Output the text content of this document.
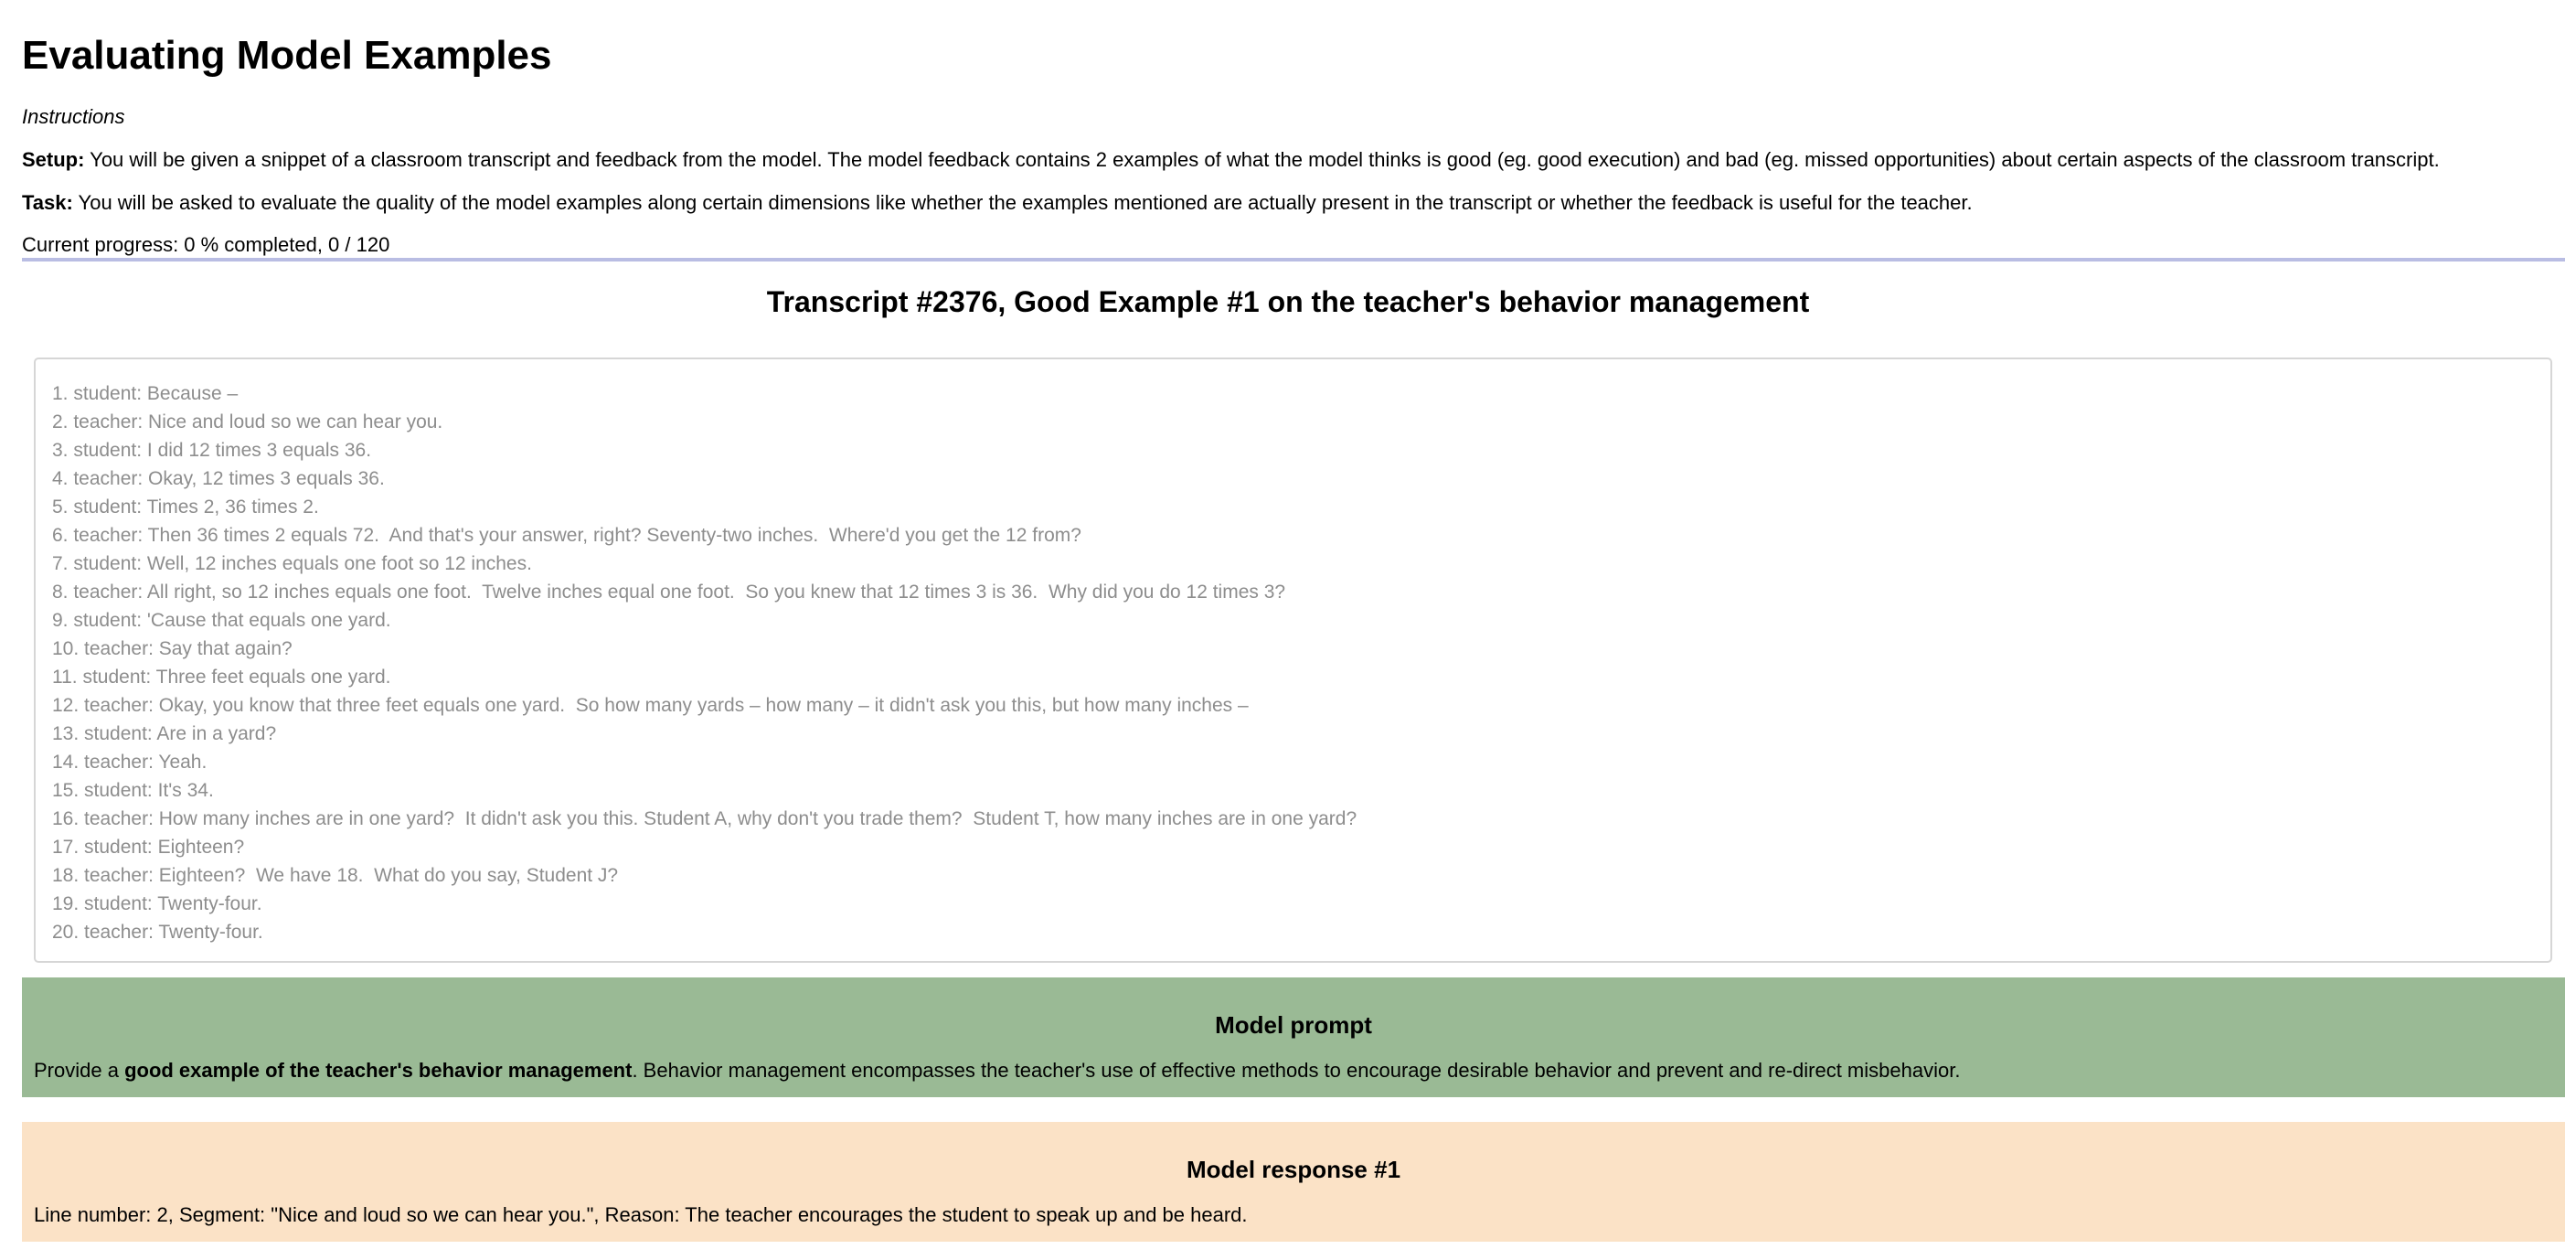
Evaluating Model Examples
Instructions
Setup: You will be given a snippet of a classroom transcript and feedback from the model. The model feedback contains 2 examples of what the model thinks is good (eg. good execution) and bad (eg. missed opportunities) about certain aspects of the classroom transcript.
Task: You will be asked to evaluate the quality of the model examples along certain dimensions like whether the examples mentioned are actually present in the transcript or whether the feedback is useful for the teacher.
Current progress: 0 % completed, 0 / 120
Transcript #2376, Good Example #1 on the teacher's behavior management
1. student: Because –
2. teacher: Nice and loud so we can hear you.
3. student: I did 12 times 3 equals 36.
4. teacher: Okay, 12 times 3 equals 36.
5. student: Times 2, 36 times 2.
6. teacher: Then 36 times 2 equals 72.  And that's your answer, right? Seventy-two inches.  Where'd you get the 12 from?
7. student: Well, 12 inches equals one foot so 12 inches.
8. teacher: All right, so 12 inches equals one foot.  Twelve inches equal one foot.  So you knew that 12 times 3 is 36.  Why did you do 12 times 3?
9. student: 'Cause that equals one yard.
10. teacher: Say that again?
11. student: Three feet equals one yard.
12. teacher: Okay, you know that three feet equals one yard.  So how many yards – how many – it didn't ask you this, but how many inches –
13. student: Are in a yard?
14. teacher: Yeah.
15. student: It's 34.
16. teacher: How many inches are in one yard?  It didn't ask you this. Student A, why don't you trade them?  Student T, how many inches are in one yard?
17. student: Eighteen?
18. teacher: Eighteen?  We have 18.  What do you say, Student J?
19. student: Twenty-four.
20. teacher: Twenty-four.
Model prompt
Provide a good example of the teacher's behavior management. Behavior management encompasses the teacher's use of effective methods to encourage desirable behavior and prevent and re-direct misbehavior.
Model response #1
Line number: 2, Segment: "Nice and loud so we can hear you.", Reason: The teacher encourages the student to speak up and be heard.
